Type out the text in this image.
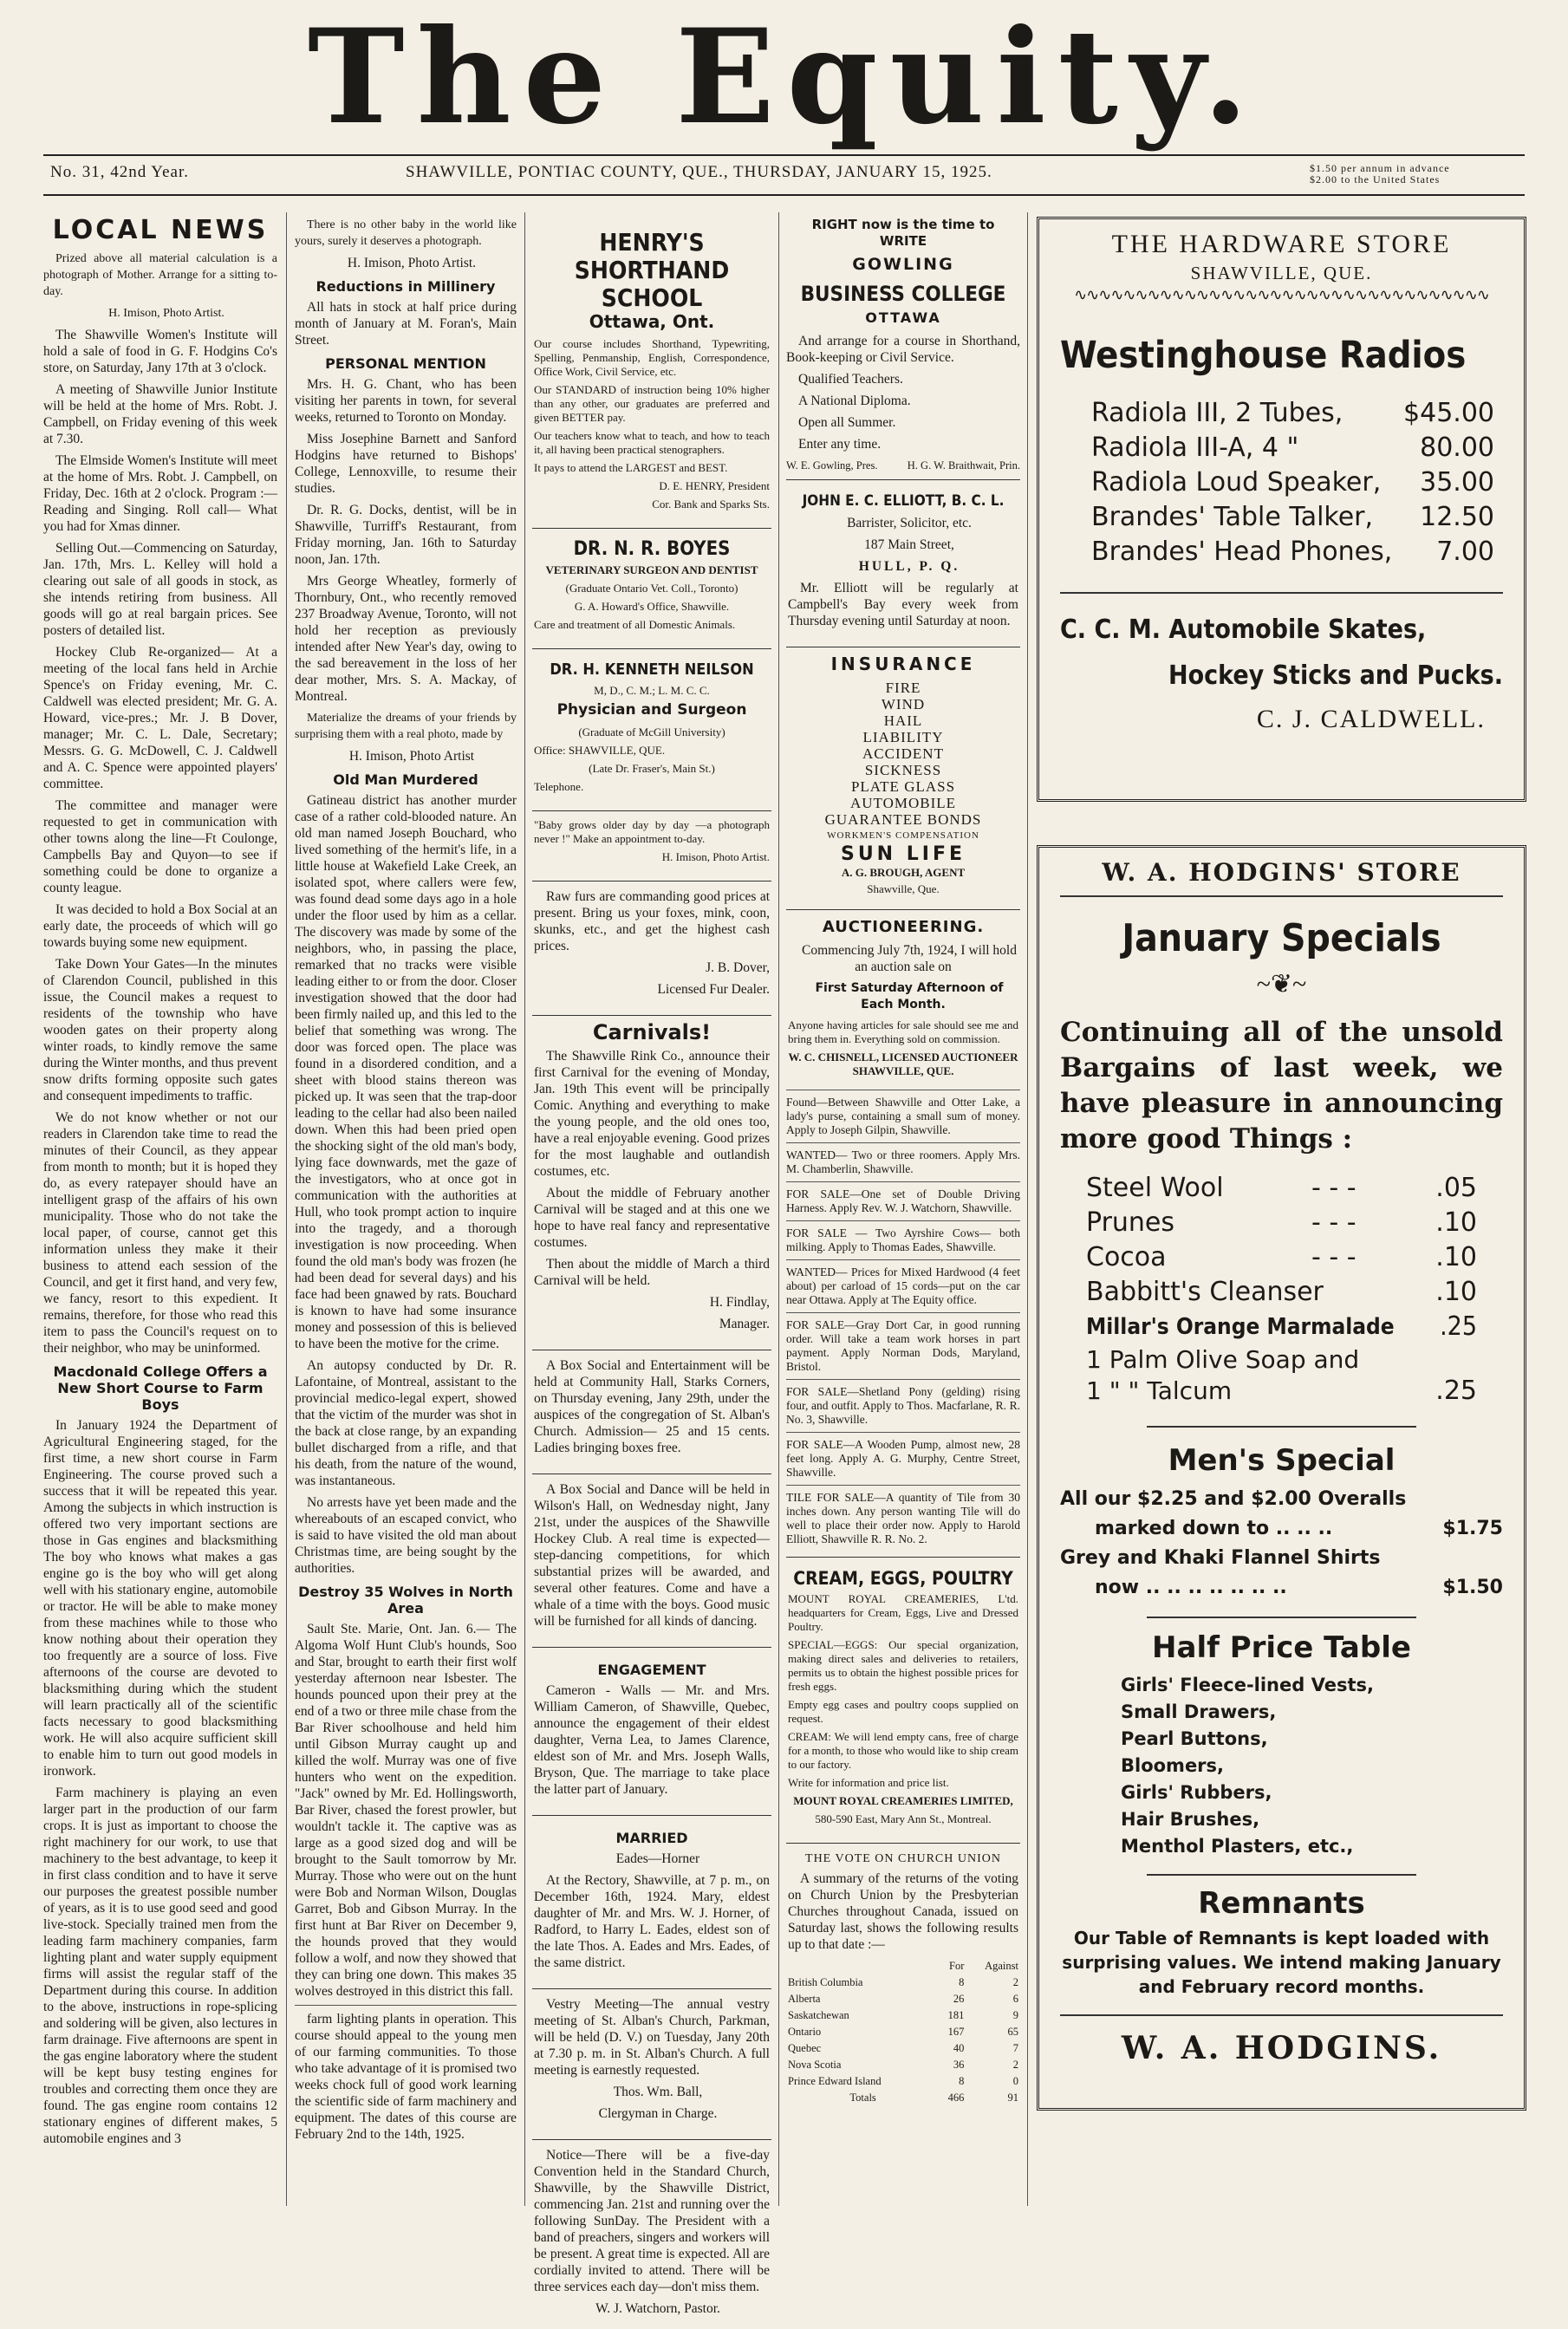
The Equity.
No. 31, 42nd Year.	SHAWVILLE, PONTIAC COUNTY, QUE., THURSDAY, JANUARY 15, 1925.	$1.50 per annum in advance
$2.00 to the United States
LOCAL NEWS

Prized above all material calculation is a photograph of Mother. Arrange for a sitting to-day.

H. Imison, Photo Artist.

The Shawville Women's Institute will hold a sale of food in G. F. Hodgins Co's store, on Saturday, Jany 17th at 3 o'clock.

A meeting of Shawville Junior Institute will be held at the home of Mrs. Robt. J. Campbell, on Friday evening of this week at 7.30.

The Elmside Women's Institute will meet at the home of Mrs. Robt. J. Campbell, on Friday, Dec. 16th at 2 o'clock. Program :— Reading and Singing. Roll call— What you had for Xmas dinner.

Selling Out.—Commencing on Saturday, Jan. 17th, Mrs. L. Kelley will hold a clearing out sale of all goods in stock, as she intends retiring from business. All goods will go at real bargain prices. See posters of detailed list.

Hockey Club Re-organized— At a meeting of the local fans held in Archie Spence's on Friday evening, Mr. C. Caldwell was elected president; Mr. G. A. Howard, vice-pres.; Mr. J. B Dover, manager; Mr. C. L. Dale, Secretary; Messrs. G. G. McDowell, C. J. Caldwell and A. C. Spence were appointed players' committee.

The committee and manager were requested to get in communication with other towns along the line—Ft Coulonge, Campbells Bay and Quyon—to see if something could be done to organize a county league.

It was decided to hold a Box Social at an early date, the proceeds of which will go towards buying some new equipment.

Take Down Your Gates—In the minutes of Clarendon Council, published in this issue, the Council makes a request to residents of the township who have wooden gates on their property along winter roads, to kindly remove the same during the Winter months, and thus prevent snow drifts forming opposite such gates and consequent impediments to traffic.

We do not know whether or not our readers in Clarendon take time to read the minutes of their Council, as they appear from month to month; but it is hoped they do, as every ratepayer should have an intelligent grasp of the affairs of his own municipality. Those who do not take the local paper, of course, cannot get this information unless they make it their business to attend each session of the Council, and get it first hand, and very few, we fancy, resort to this expedient. It remains, therefore, for those who read this item to pass the Council's request on to their neighbor, who may be uninformed.

Macdonald College Offers a New Short Course to Farm Boys

In January 1924 the Department of Agricultural Engineering staged, for the first time, a new short course in Farm Engineering. The course proved such a success that it will be repeated this year. Among the subjects in which instruction is offered two very important sections are those in Gas engines and blacksmithing The boy who knows what makes a gas engine go is the boy who will get along well with his stationary engine, automobile or tractor. He will be able to make money from these machines while to those who know nothing about their operation they too frequently are a source of loss. Five afternoons of the course are devoted to blacksmithing during which the student will learn practically all of the scientific facts necessary to good blacksmithing work. He will also acquire sufficient skill to enable him to turn out good models in ironwork.

Farm machinery is playing an even larger part in the production of our farm crops. It is just as important to choose the right machinery for our work, to use that machinery to the best advantage, to keep it in first class condition and to have it serve our purposes the greatest possible number of years, as it is to use good seed and good live-stock. Specially trained men from the leading farm machinery companies, farm lighting plant and water supply equipment firms will assist the regular staff of the Department during this course. In addition to the above, instructions in rope-splicing and soldering will be given, also lectures in farm drainage. Five afternoons are spent in the gas engine laboratory where the student will be kept busy testing engines for troubles and correcting them once they are found. The gas engine room contains 12 stationary engines of different makes, 5 automobile engines and 3

There is no other baby in the world like yours, surely it deserves a photograph.

H. Imison, Photo Artist.

Reductions in Millinery

All hats in stock at half price during month of January at M. Foran's, Main Street.

PERSONAL MENTION

Mrs. H. G. Chant, who has been visiting her parents in town, for several weeks, returned to Toronto on Monday.

Miss Josephine Barnett and Sanford Hodgins have returned to Bishops' College, Lennoxville, to resume their studies.

Dr. R. G. Docks, dentist, will be in Shawville, Turriff's Restaurant, from Friday morning, Jan. 16th to Saturday noon, Jan. 17th.

Mrs George Wheatley, formerly of Thornbury, Ont., who recently removed 237 Broadway Avenue, Toronto, will not hold her reception as previously intended after New Year's day, owing to the sad bereavement in the loss of her dear mother, Mrs. S. A. Mackay, of Montreal.

Materialize the dreams of your friends by surprising them with a real photo, made by

H. Imison, Photo Artist

Old Man Murdered

Gatineau district has another murder case of a rather cold-blooded nature. An old man named Joseph Bouchard, who lived something of the hermit's life, in a little house at Wakefield Lake Creek, an isolated spot, where callers were few, was found dead some days ago in a hole under the floor used by him as a cellar. The discovery was made by some of the neighbors, who, in passing the place, remarked that no tracks were visible leading either to or from the door. Closer investigation showed that the door had been firmly nailed up, and this led to the belief that something was wrong. The door was forced open. The place was found in a disordered condition, and a sheet with blood stains thereon was picked up. It was seen that the trap-door leading to the cellar had also been nailed down. When this had been pried open the shocking sight of the old man's body, lying face downwards, met the gaze of the investigators, who at once got in communication with the authorities at Hull, who took prompt action to inquire into the tragedy, and a thorough investigation is now proceeding. When found the old man's body was frozen (he had been dead for several days) and his face had been gnawed by rats. Bouchard is known to have had some insurance money and possession of this is believed to have been the motive for the crime.

An autopsy conducted by Dr. R. Lafontaine, of Montreal, assistant to the provincial medico-legal expert, showed that the victim of the murder was shot in the back at close range, by an expanding bullet discharged from a rifle, and that his death, from the nature of the wound, was instantaneous.

No arrests have yet been made and the whereabouts of an escaped convict, who is said to have visited the old man about Christmas time, are being sought by the authorities.

Destroy 35 Wolves in North Area

Sault Ste. Marie, Ont. Jan. 6.— The Algoma Wolf Hunt Club's hounds, Soo and Star, brought to earth their first wolf yesterday afternoon near Isbester. The hounds pounced upon their prey at the end of a two or three mile chase from the Bar River schoolhouse and held him until Gibson Murray caught up and killed the wolf. Murray was one of five hunters who went on the expedition. "Jack" owned by Mr. Ed. Hollingsworth, Bar River, chased the forest prowler, but wouldn't tackle it. The captive was as large as a good sized dog and will be brought to the Sault tomorrow by Mr. Murray. Those who were out on the hunt were Bob and Norman Wilson, Douglas Garret, Bob and Gibson Murray. In the first hunt at Bar River on December 9, the hounds proved that they would follow a wolf, and now they showed that they can bring one down. This makes 35 wolves destroyed in this district this fall.

farm lighting plants in operation. This course should appeal to the young men of our farming communities. To those who take advantage of it is promised two weeks chock full of good work learning the scientific side of farm machinery and equipment. The dates of this course are February 2nd to the 14th, 1925.

HENRY'S SHORTHAND SCHOOL
Ottawa, Ont.
Our course includes Shorthand, Typewriting, Spelling, Penmanship, English, Correspondence, Office Work, Civil Service, etc.
Our STANDARD of instruction being 10% higher than any other, our graduates are preferred and given BETTER pay.
Our teachers know what to teach, and how to teach it, all having been practical stenographers.
It pays to attend the LARGEST and BEST.
D. E. HENRY, President
Cor. Bank and Sparks Sts.
DR. N. R. BOYES
VETERINARY SURGEON AND DENTIST
(Graduate Ontario Vet. Coll., Toronto)
G. A. Howard's Office, Shawville.
Care and treatment of all Domestic Animals.
DR. H. KENNETH NEILSON
M, D., C. M.; L. M. C. C.
Physician and Surgeon
(Graduate of McGill University)
Office: SHAWVILLE, QUE.
(Late Dr. Fraser's, Main St.)
Telephone.
"Baby grows older day by day —a photograph never !" Make an appointment to-day.
H. Imison, Photo Artist.

Raw furs are commanding good prices at present. Bring us your foxes, mink, coon, skunks, etc., and get the highest cash prices.

J. B. Dover,

Licensed Fur Dealer.

Carnivals!

The Shawville Rink Co., announce their first Carnival for the evening of Monday, Jan. 19th This event will be principally Comic. Anything and everything to make the young people, and the old ones too, have a real enjoyable evening. Good prizes for the most laughable and outlandish costumes, etc.

About the middle of February another Carnival will be staged and at this one we hope to have real fancy and representative costumes.

Then about the middle of March a third Carnival will be held.

H. Findlay,

Manager.

A Box Social and Entertainment will be held at Community Hall, Starks Corners, on Thursday evening, Jany 29th, under the auspices of the congregation of St. Alban's Church. Admission— 25 and 15 cents. Ladies bringing boxes free.

A Box Social and Dance will be held in Wilson's Hall, on Wednesday night, Jany 21st, under the auspices of the Shawville Hockey Club. A real time is expected— step-dancing competitions, for which substantial prizes will be awarded, and several other features. Come and have a whale of a time with the boys. Good music will be furnished for all kinds of dancing.

ENGAGEMENT

Cameron - Walls — Mr. and Mrs. William Cameron, of Shawville, Quebec, announce the engagement of their eldest daughter, Verna Lea, to James Clarence, eldest son of Mr. and Mrs. Joseph Walls, Bryson, Que. The marriage to take place the latter part of January.

MARRIED

Eades—Horner

At the Rectory, Shawville, at 7 p. m., on December 16th, 1924. Mary, eldest daughter of Mr. and Mrs. W. J. Horner, of Radford, to Harry L. Eades, eldest son of the late Thos. A. Eades and Mrs. Eades, of the same district.

Vestry Meeting—The annual vestry meeting of St. Alban's Church, Parkman, will be held (D. V.) on Tuesday, Jany 20th at 7.30 p. m. in St. Alban's Church. A full meeting is earnestly requested.

Thos. Wm. Ball,

Clergyman in Charge.

Notice—There will be a five-day Convention held in the Standard Church, Shawville, by the Shawville District, commencing Jan. 21st and running over the following SunDay. The President with a band of preachers, singers and workers will be present. A great time is expected. All are cordially invited to attend. There will be three services each day—don't miss them.

W. J. Watchorn, Pastor.

RIGHT now is the time to WRITE
GOWLING
BUSINESS COLLEGE
OTTAWA

And arrange for a course in Shorthand, Book-keeping or Civil Service.

Qualified Teachers.

A National Diploma.

Open all Summer.

Enter any time.

W. E. Gowling, Pres.	H. G. W. Braithwait, Prin.
JOHN E. C. ELLIOTT, B. C. L.

Barrister, Solicitor, etc.

187 Main Street,

HULL, P. Q.

Mr. Elliott will be regularly at Campbell's Bay every week from Thursday evening until Saturday at noon.

INSURANCE
FIRE
WIND
HAIL
LIABILITY
ACCIDENT
SICKNESS
PLATE GLASS
AUTOMOBILE
GUARANTEE BONDS
WORKMEN'S COMPENSATION
SUN LIFE
A. G. BROUGH, AGENT
Shawville, Que.
AUCTIONEERING.

Commencing July 7th, 1924, I will hold an auction sale on

First Saturday Afternoon of Each Month.

Anyone having articles for sale should see me and bring them in. Everything sold on commission.
W. C. CHISNELL, LICENSED AUCTIONEER SHAWVILLE, QUE.
Found—Between Shawville and Otter Lake, a lady's purse, containing a small sum of money. Apply to Joseph Gilpin, Shawville.
WANTED— Two or three roomers. Apply Mrs. M. Chamberlin, Shawville.
FOR SALE—One set of Double Driving Harness. Apply Rev. W. J. Watchorn, Shawville.
FOR SALE — Two Ayrshire Cows— both milking. Apply to Thomas Eades, Shawville.
WANTED— Prices for Mixed Hardwood (4 feet about) per carload of 15 cords—put on the car near Ottawa. Apply at The Equity office.
FOR SALE—Gray Dort Car, in good running order. Will take a team work horses in part payment. Apply Norman Dods, Maryland, Bristol.
FOR SALE—Shetland Pony (gelding) rising four, and outfit. Apply to Thos. Macfarlane, R. R. No. 3, Shawville.
FOR SALE—A Wooden Pump, almost new, 28 feet long. Apply A. G. Murphy, Centre Street, Shawville.
TILE FOR SALE—A quantity of Tile from 30 inches down. Any person wanting Tile will do well to place their order now. Apply to Harold Elliott, Shawville R. R. No. 2.
CREAM, EGGS, POULTRY
MOUNT ROYAL CREAMERIES, L'td. headquarters for Cream, Eggs, Live and Dressed Poultry.
SPECIAL—EGGS: Our special organization, making direct sales and deliveries to retailers, permits us to obtain the highest possible prices for fresh eggs.
Empty egg cases and poultry coops supplied on request.
CREAM: We will lend empty cans, free of charge for a month, to those who would like to ship cream to our factory.
Write for information and price list.
MOUNT ROYAL CREAMERIES LIMITED,
580-590 East, Mary Ann St., Montreal.
THE VOTE ON CHURCH UNION

A summary of the returns of the voting on Church Union by the Presbyterian Churches throughout Canada, issued on Saturday last, shows the following results up to that date :—

	For	Against
British Columbia	8	2
Alberta	26	6
Saskatchewan	181	9
Ontario	167	65
Quebec	40	7
Nova Scotia	36	2
Prince Edward Island	8	0
Totals	466	91
THE HARDWARE STORE
SHAWVILLE, QUE.
∿∿∿∿∿∿∿∿∿∿∿∿∿∿∿∿∿∿∿∿∿∿∿∿∿∿∿∿∿∿∿∿∿∿
Westinghouse Radios
Radiola III, 2 Tubes, $45.00
Radiola III-A, 4 "	80.00
Radiola Loud Speaker, 35.00
Brandes' Table Talker, 12.50
Brandes' Head Phones, 7.00
C. C. M. Automobile Skates,
Hockey Sticks and Pucks.
C. J. CALDWELL.
W. A. HODGINS' STORE
January Specials
~❦~
Continuing all of the unsold Bargains of last week, we have pleasure in announcing more good Things :
Steel Wool	- - -	.05
Prunes	- - -	.10
Cocoa	- - -	.10
Babbitt's Cleanser	.10
Millar's Orange Marmalade	.25
1 Palm Olive Soap and
1 " " Talcum	.25
Men's Special
All our $2.25 and $2.00 Overalls
marked down to .. .. ..	$1.75
Grey and Khaki Flannel Shirts
now .. .. .. .. .. .. ..	$1.50
Half Price Table
Girls' Fleece-lined Vests,
Small Drawers,
Pearl Buttons,
Bloomers,
Girls' Rubbers,
Hair Brushes,
Menthol Plasters, etc.,
Remnants
Our Table of Remnants is kept loaded with surprising values. We intend making January and February record months.
W. A. HODGINS.
